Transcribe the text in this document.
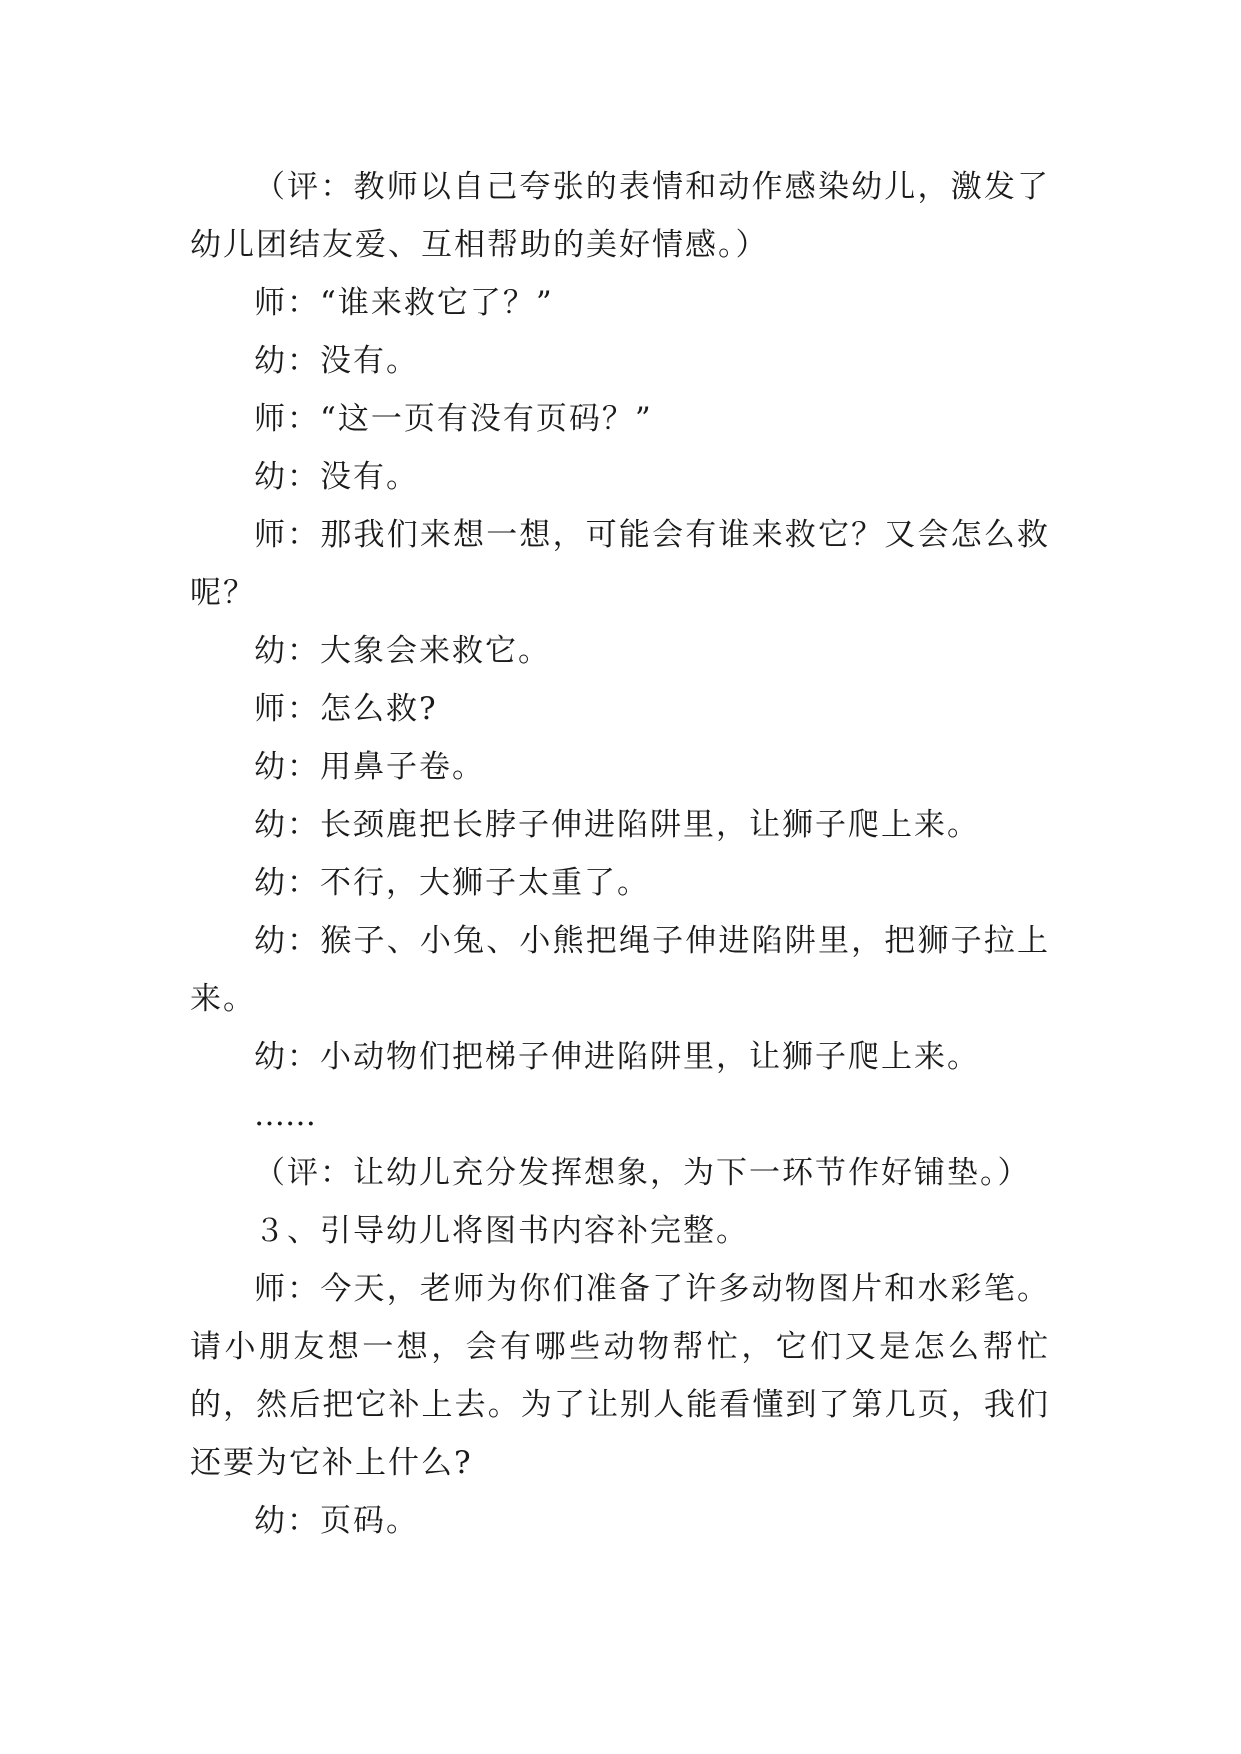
（评：教师以自己夸张的表情和动作感染幼儿，激发了幼儿团结友爱、互相帮助的美好情感。）

师：“谁来救它了？”

幼：没有。

师：“这一页有没有页码？”

幼：没有。

师：那我们来想一想，可能会有谁来救它？又会怎么救呢？

幼：大象会来救它。

师：怎么救?

幼：用鼻子卷。

幼：长颈鹿把长脖子伸进陷阱里，让狮子爬上来。

幼：不行，大狮子太重了。

幼：猴子、小兔、小熊把绳子伸进陷阱里，把狮子拉上来。

幼：小动物们把梯子伸进陷阱里，让狮子爬上来。

……

（评：让幼儿充分发挥想象，为下一环节作好铺垫。）

３、引导幼儿将图书内容补完整。

师：今天，老师为你们准备了许多动物图片和水彩笔。请小朋友想一想，会有哪些动物帮忙，它们又是怎么帮忙的，然后把它补上去。为了让别人能看懂到了第几页，我们还要为它补上什么?

幼：页码。
